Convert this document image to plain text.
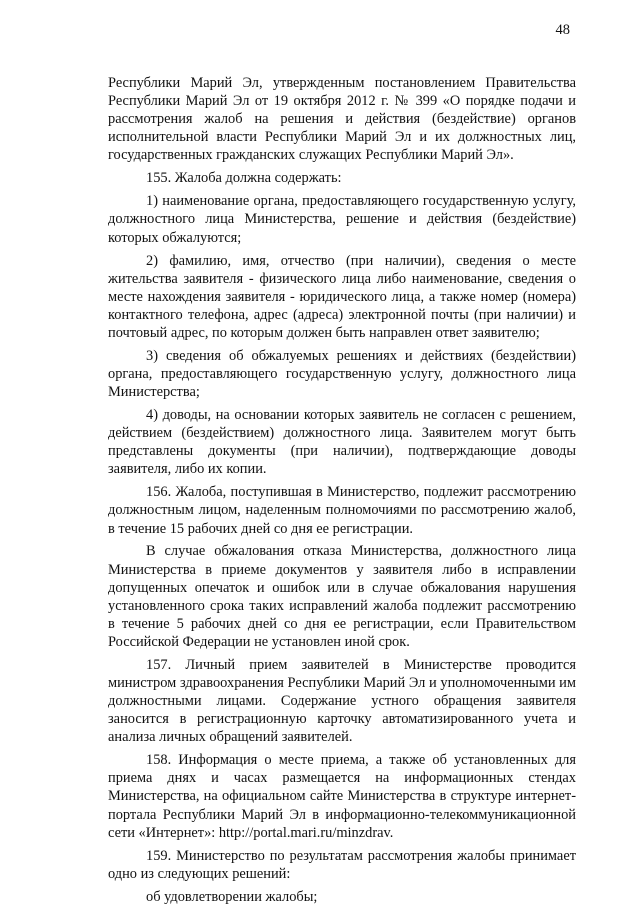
48

Республики Марий Эл, утвержденным постановлением Правительства Республики Марий Эл от 19 октября 2012 г. № 399 «О порядке подачи и рассмотрения жалоб на решения и действия (бездействие) органов исполнительной власти Республики Марий Эл и их должностных лиц, государственных гражданских служащих Республики Марий Эл».

155. Жалоба должна содержать:

1) наименование органа, предоставляющего государственную услугу, должностного лица Министерства, решение и действия (бездействие) которых обжалуются;

2) фамилию, имя, отчество (при наличии), сведения о месте жительства заявителя - физического лица либо наименование, сведения о месте нахождения заявителя - юридического лица, а также номер (номера) контактного телефона, адрес (адреса) электронной почты (при наличии) и почтовый адрес, по которым должен быть направлен ответ заявителю;

3) сведения об обжалуемых решениях и действиях (бездействии) органа, предоставляющего государственную услугу, должностного лица Министерства;

4) доводы, на основании которых заявитель не согласен с решением, действием (бездействием) должностного лица. Заявителем могут быть представлены документы (при наличии), подтверждающие доводы заявителя, либо их копии.

156. Жалоба, поступившая в Министерство, подлежит рассмотрению должностным лицом, наделенным полномочиями по рассмотрению жалоб, в течение 15 рабочих дней со дня ее регистрации.

В случае обжалования отказа Министерства, должностного лица Министерства в приеме документов у заявителя либо в исправлении допущенных опечаток и ошибок или в случае обжалования нарушения установленного срока таких исправлений жалоба подлежит рассмотрению в течение 5 рабочих дней со дня ее регистрации, если Правительством Российской Федерации не установлен иной срок.

157. Личный прием заявителей в Министерстве проводится министром здравоохранения Республики Марий Эл и уполномоченными им должностными лицами. Содержание устного обращения заявителя заносится в регистрационную карточку автоматизированного учета и анализа личных обращений заявителей.

158. Информация о месте приема, а также об установленных для приема днях и часах размещается на информационных стендах Министерства, на официальном сайте Министерства в структуре интернет-портала Республики Марий Эл в информационно-телекоммуникационной сети «Интернет»: http://portal.mari.ru/minzdrav.

159. Министерство по результатам рассмотрения жалобы принимает одно из следующих решений:

об удовлетворении жалобы;
